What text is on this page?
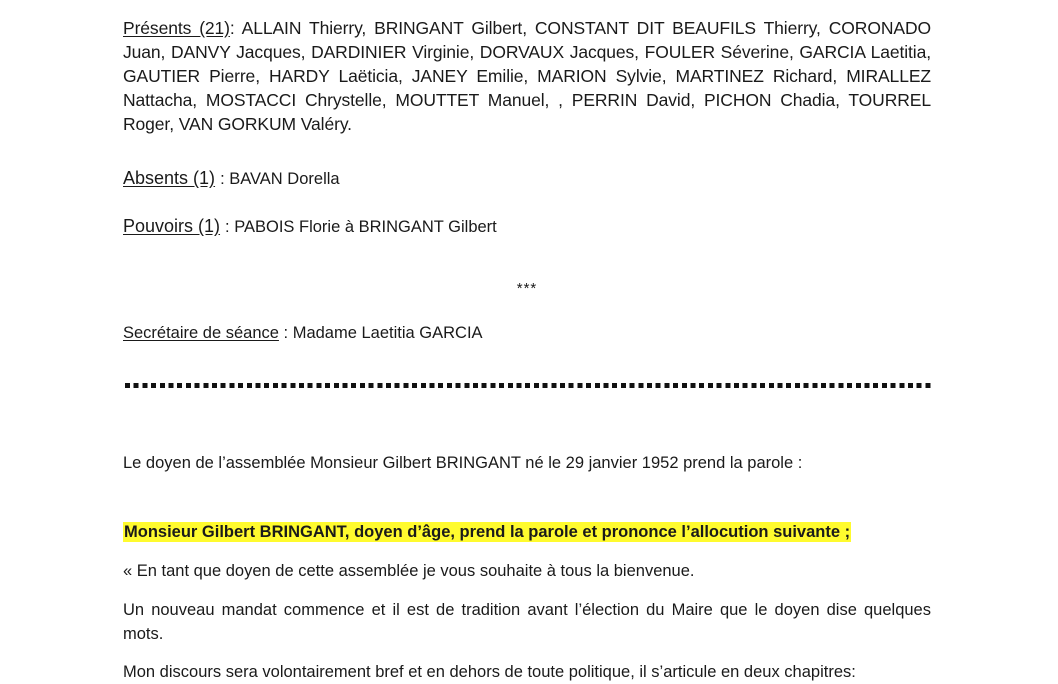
Présents (21): ALLAIN Thierry, BRINGANT Gilbert, CONSTANT DIT BEAUFILS Thierry, CORONADO Juan, DANVY Jacques, DARDINIER Virginie, DORVAUX Jacques, FOULER Séverine, GARCIA Laetitia, GAUTIER Pierre, HARDY Laëticia, JANEY Emilie, MARION Sylvie, MARTINEZ Richard, MIRALLEZ Nattacha, MOSTACCI Chrystelle, MOUTTET Manuel, , PERRIN David, PICHON Chadia, TOURREL Roger, VAN GORKUM Valéry.
Absents (1) : BAVAN Dorella
Pouvoirs (1) : PABOIS Florie à BRINGANT Gilbert
***
Secrétaire de séance : Madame Laetitia GARCIA
Le doyen de l’assemblée Monsieur Gilbert BRINGANT né le 29 janvier 1952 prend la parole :
Monsieur Gilbert BRINGANT, doyen d’âge, prend la parole et prononce l’allocution suivante ;
« En tant que doyen de cette assemblée je vous souhaite à tous la bienvenue.
Un nouveau mandat commence et il est de tradition avant l’élection du Maire que le doyen dise quelques mots.
Mon discours sera volontairement bref et en dehors de toute politique, il s’articule en deux chapitres:
